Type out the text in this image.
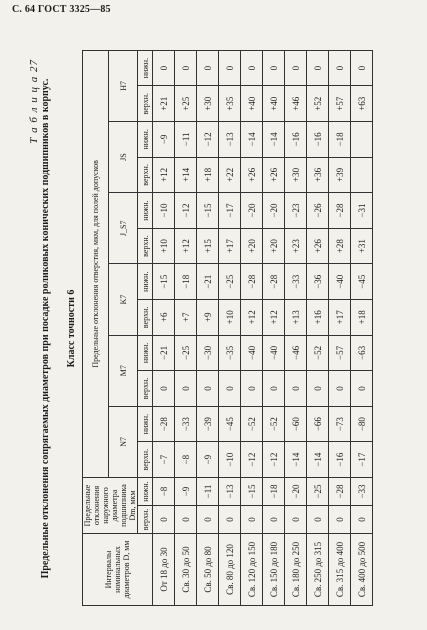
С. 64 ГОСТ 3325—85
Т а б л и ц а 27 Предельные отклонения сопрягаемых диаметров при посадке роликовых конических подшипников в корпус. Класс точности 6
Интервалы номинальных диаметров D, мм	Предельные отклонения наружного диаметра подшипника Dm, мкм		Предельные отклонения отверстия, мкм, для полей допусков											
			N7		M7		K7		J_S7		JS		H7	
	верхн.	нижн.	верхн.	нижн.	верхн.	нижн.	верхн.	нижн.	верхн.	нижн.	верхн.	нижн.	верхн.	нижн.
От 18 до 30	0	−8	−7	−28	0	−21	+6	−15	+10	−10	+12	−9	+21	0
Св. 30 до 50	0	−9	−8	−33	0	−25	+7	−18	+12	−12	+14	−11	+25	0
Св. 50 до 80	0	−11	−9	−39	0	−30	+9	−21	+15	−15	+18	−12	+30	0
Св. 80 до 120	0	−13	−10	−45	0	−35	+10	−25	+17	−17	+22	−13	+35	0
Св. 120 до 150	0	−15	−12	−52	0	−40	+12	−28	+20	−20	+26	−14	+40	0
Св. 150 до 180	0	−18	−12	−52	0	−40	+12	−28	+20	−20	+26	−14	+40	0
Св. 180 до 250	0	−20	−14	−60	0	−46	+13	−33	+23	−23	+30	−16	+46	0
Св. 250 до 315	0	−25	−14	−66	0	−52	+16	−36	+26	−26	+36	−16	+52	0
Св. 315 до 400	0	−28	−16	−73	0	−57	+17	−40	+28	−28	+39	−18	+57	0
Св. 400 до 500	0	−33	−17	−80	0	−63	+18	−45	+31	−31			+63	0
